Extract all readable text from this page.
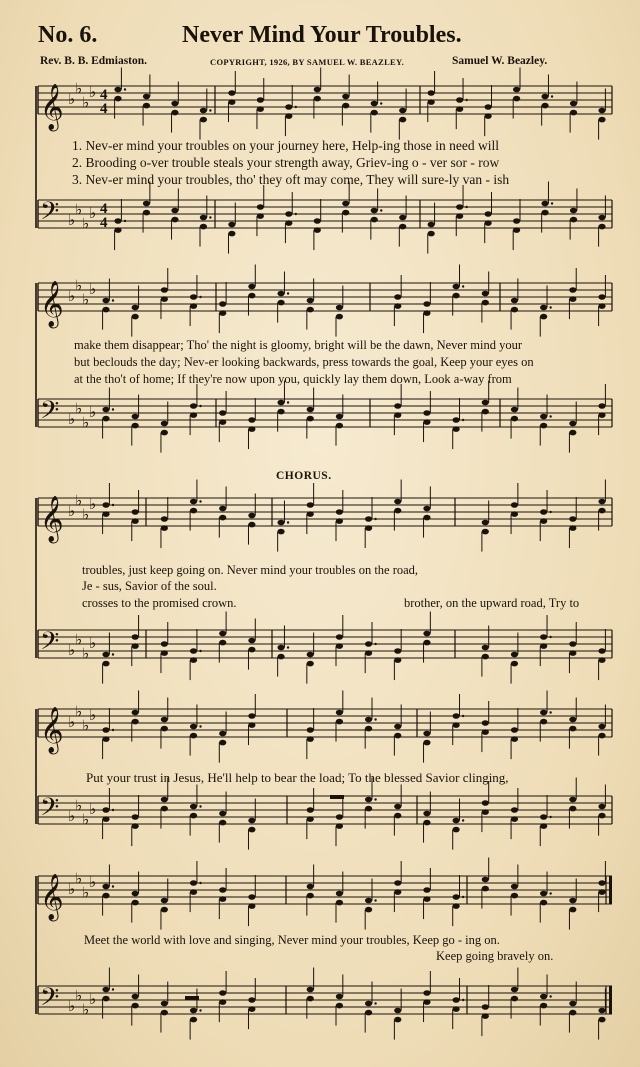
No. 6.	Never Mind Your Troubles.
Rev. B. B. Edmiaston.	COPYRIGHT, 1926, BY SAMUEL W. BEAZLEY.	Samuel W. Beazley.
𝄞 ♭
♭
♭
♭ 4
4
𝄢 ♭
♭
♭
♭ 4
4
𝄞 ♭
♭
♭
♭
𝄢 ♭
♭
♭
♭
𝄞 ♭
♭
♭
♭
𝄢 ♭
♭
♭
♭
𝄞 ♭
♭
♭
♭
𝄢 ♭
♭
♭
♭
𝄞 ♭
♭
♭
♭
𝄢 ♭
♭
♭
♭
1. Nev-er mind your troubles on your journey here, Help-ing those in need will
2. Brooding o-ver trouble steals your strength away, Griev-ing o - ver sor - row
3. Nev-er mind your troubles, tho' they oft may come, They will sure-ly van - ish
make them disappear; Tho' the night is gloomy, bright will be the dawn, Never mind your
but beclouds the day; Nev-er looking backwards, press towards the goal, Keep your eyes on
at the tho't of home; If they're now upon you, quickly lay them down, Look a-way from
CHORUS.
troubles, just keep going on. Never mind your troubles on the road,
Je - sus, Savior of the soul.
crosses to the promised crown.	brother, on the upward road, Try to
Put your trust in Jesus, He'll help to bear the load; To the blessed Savior clinging,
Meet the world with love and singing, Never mind your troubles, Keep go - ing on.
Keep going bravely on.
